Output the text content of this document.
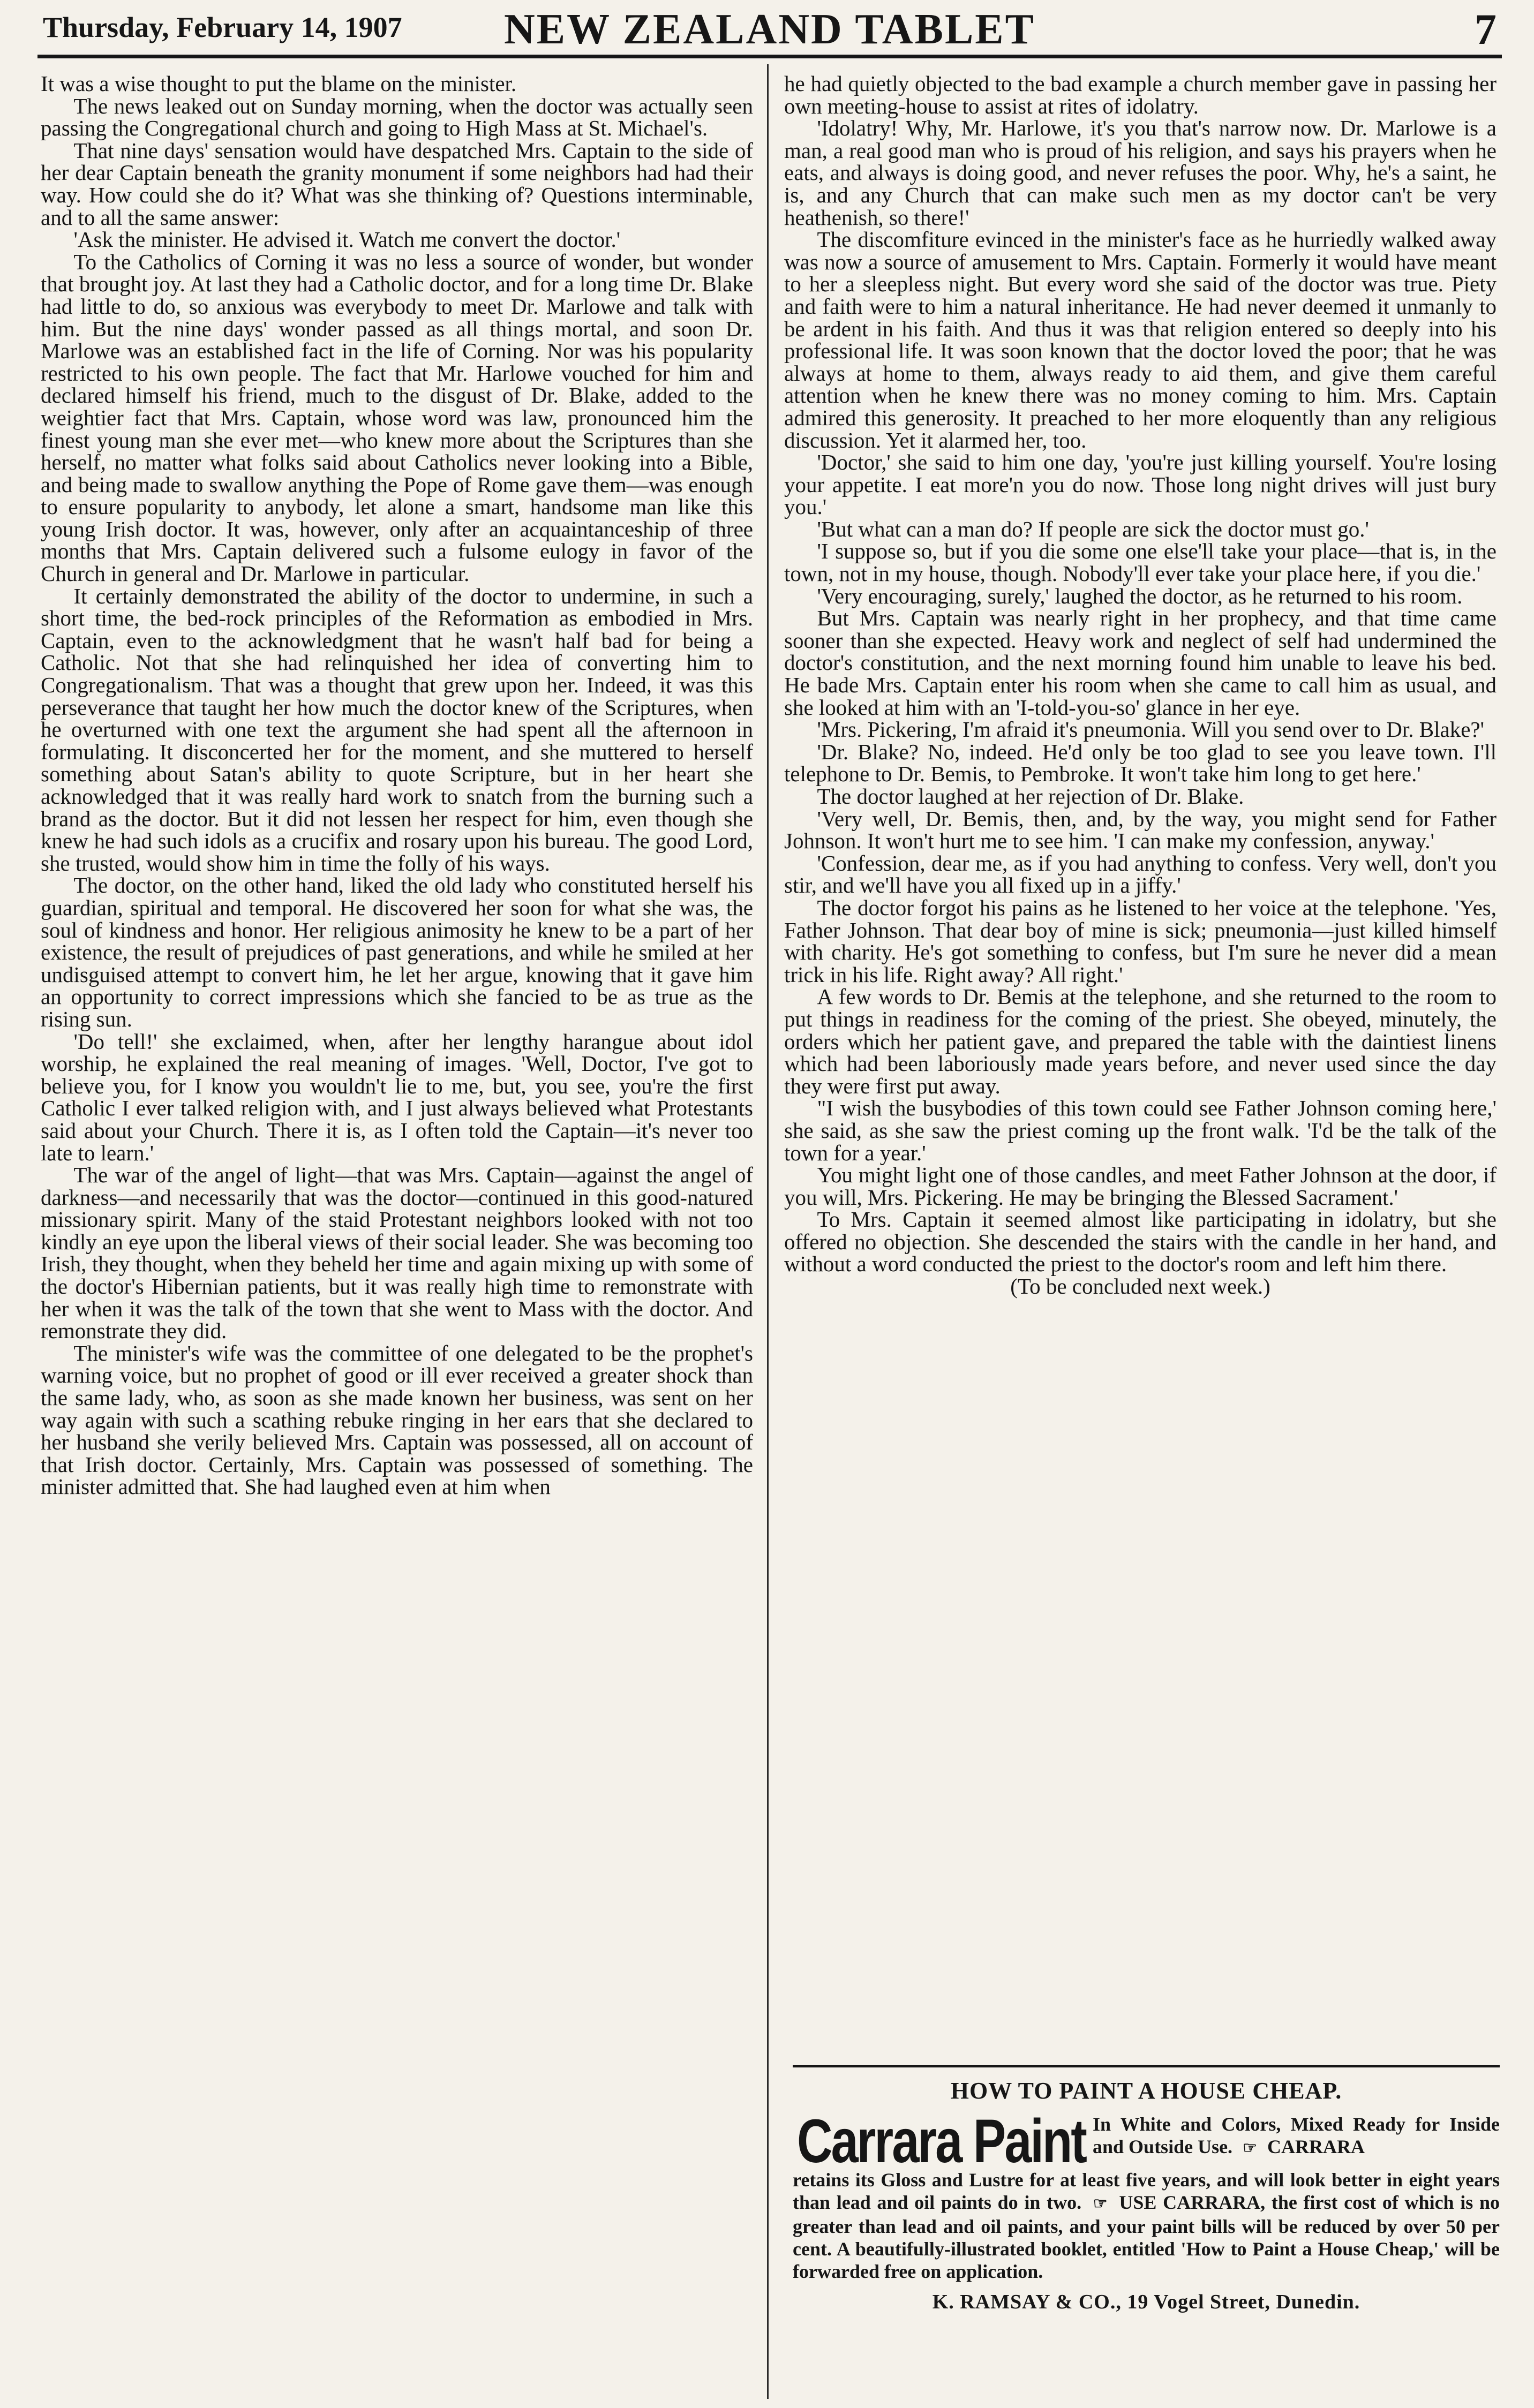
Thursday, February 14, 1907	NEW ZEALAND TABLET	7

It was a wise thought to put the blame on the minister.

The news leaked out on Sunday morning, when the doctor was actually seen passing the Congregational church and going to High Mass at St. Michael's.

That nine days' sensation would have despatched Mrs. Captain to the side of her dear Captain beneath the granity monument if some neighbors had had their way. How could she do it? What was she thinking of? Questions interminable, and to all the same answer:

'Ask the minister. He advised it. Watch me convert the doctor.'

To the Catholics of Corning it was no less a source of wonder, but wonder that brought joy. At last they had a Catholic doctor, and for a long time Dr. Blake had little to do, so anxious was everybody to meet Dr. Marlowe and talk with him. But the nine days' wonder passed as all things mortal, and soon Dr. Marlowe was an established fact in the life of Corning. Nor was his popularity restricted to his own people. The fact that Mr. Harlowe vouched for him and declared himself his friend, much to the disgust of Dr. Blake, added to the weightier fact that Mrs. Captain, whose word was law, pronounced him the finest young man she ever met—who knew more about the Scriptures than she herself, no matter what folks said about Catholics never looking into a Bible, and being made to swallow anything the Pope of Rome gave them—was enough to ensure popularity to anybody, let alone a smart, handsome man like this young Irish doctor. It was, however, only after an acquaintanceship of three months that Mrs. Captain delivered such a fulsome eulogy in favor of the Church in general and Dr. Marlowe in particular.

It certainly demonstrated the ability of the doctor to undermine, in such a short time, the bed-rock principles of the Reformation as embodied in Mrs. Captain, even to the acknowledgment that he wasn't half bad for being a Catholic. Not that she had relinquished her idea of converting him to Congregationalism. That was a thought that grew upon her. Indeed, it was this perseverance that taught her how much the doctor knew of the Scriptures, when he overturned with one text the argument she had spent all the afternoon in formulating. It disconcerted her for the moment, and she muttered to herself something about Satan's ability to quote Scripture, but in her heart she acknowledged that it was really hard work to snatch from the burning such a brand as the doctor. But it did not lessen her respect for him, even though she knew he had such idols as a crucifix and rosary upon his bureau. The good Lord, she trusted, would show him in time the folly of his ways.

The doctor, on the other hand, liked the old lady who constituted herself his guardian, spiritual and temporal. He discovered her soon for what she was, the soul of kindness and honor. Her religious animosity he knew to be a part of her existence, the result of prejudices of past generations, and while he smiled at her undisguised attempt to convert him, he let her argue, knowing that it gave him an opportunity to correct impressions which she fancied to be as true as the rising sun.

'Do tell!' she exclaimed, when, after her lengthy harangue about idol worship, he explained the real meaning of images. 'Well, Doctor, I've got to believe you, for I know you wouldn't lie to me, but, you see, you're the first Catholic I ever talked religion with, and I just always believed what Protestants said about your Church. There it is, as I often told the Captain—it's never too late to learn.'

The war of the angel of light—that was Mrs. Captain—against the angel of darkness—and necessarily that was the doctor—continued in this good-natured missionary spirit. Many of the staid Protestant neighbors looked with not too kindly an eye upon the liberal views of their social leader. She was becoming too Irish, they thought, when they beheld her time and again mixing up with some of the doctor's Hibernian patients, but it was really high time to remonstrate with her when it was the talk of the town that she went to Mass with the doctor. And remonstrate they did.

The minister's wife was the committee of one delegated to be the prophet's warning voice, but no prophet of good or ill ever received a greater shock than the same lady, who, as soon as she made known her business, was sent on her way again with such a scathing rebuke ringing in her ears that she declared to her husband she verily believed Mrs. Captain was possessed, all on account of that Irish doctor. Certainly, Mrs. Captain was possessed of something. The minister admitted that. She had laughed even at him when

he had quietly objected to the bad example a church member gave in passing her own meeting-house to assist at rites of idolatry.

'Idolatry! Why, Mr. Harlowe, it's you that's narrow now. Dr. Marlowe is a man, a real good man who is proud of his religion, and says his prayers when he eats, and always is doing good, and never refuses the poor. Why, he's a saint, he is, and any Church that can make such men as my doctor can't be very heathenish, so there!'

The discomfiture evinced in the minister's face as he hurriedly walked away was now a source of amusement to Mrs. Captain. Formerly it would have meant to her a sleepless night. But every word she said of the doctor was true. Piety and faith were to him a natural inheritance. He had never deemed it unmanly to be ardent in his faith. And thus it was that religion entered so deeply into his professional life. It was soon known that the doctor loved the poor; that he was always at home to them, always ready to aid them, and give them careful attention when he knew there was no money coming to him. Mrs. Captain admired this generosity. It preached to her more eloquently than any religious discussion. Yet it alarmed her, too.

'Doctor,' she said to him one day, 'you're just killing yourself. You're losing your appetite. I eat more'n you do now. Those long night drives will just bury you.'

'But what can a man do? If people are sick the doctor must go.'

'I suppose so, but if you die some one else'll take your place—that is, in the town, not in my house, though. Nobody'll ever take your place here, if you die.'

'Very encouraging, surely,' laughed the doctor, as he returned to his room.

But Mrs. Captain was nearly right in her prophecy, and that time came sooner than she expected. Heavy work and neglect of self had undermined the doctor's constitution, and the next morning found him unable to leave his bed. He bade Mrs. Captain enter his room when she came to call him as usual, and she looked at him with an 'I-told-you-so' glance in her eye.

'Mrs. Pickering, I'm afraid it's pneumonia. Will you send over to Dr. Blake?'

'Dr. Blake? No, indeed. He'd only be too glad to see you leave town. I'll telephone to Dr. Bemis, to Pembroke. It won't take him long to get here.'

The doctor laughed at her rejection of Dr. Blake.

'Very well, Dr. Bemis, then, and, by the way, you might send for Father Johnson. It won't hurt me to see him. 'I can make my confession, anyway.'

'Confession, dear me, as if you had anything to confess. Very well, don't you stir, and we'll have you all fixed up in a jiffy.'

The doctor forgot his pains as he listened to her voice at the telephone. 'Yes, Father Johnson. That dear boy of mine is sick; pneumonia—just killed himself with charity. He's got something to confess, but I'm sure he never did a mean trick in his life. Right away? All right.'

A few words to Dr. Bemis at the telephone, and she returned to the room to put things in readiness for the coming of the priest. She obeyed, minutely, the orders which her patient gave, and prepared the table with the daintiest linens which had been laboriously made years before, and never used since the day they were first put away.

"I wish the busybodies of this town could see Father Johnson coming here,' she said, as she saw the priest coming up the front walk. 'I'd be the talk of the town for a year.'

You might light one of those candles, and meet Father Johnson at the door, if you will, Mrs. Pickering. He may be bringing the Blessed Sacrament.'

To Mrs. Captain it seemed almost like participating in idolatry, but she offered no objection. She descended the stairs with the candle in her hand, and without a word conducted the priest to the doctor's room and left him there.

(To be concluded next week.)

HOW TO PAINT A HOUSE CHEAP.
Carrara Paint In White and Colors, Mixed Ready for Inside and Outside Use. ☞ CARRARA
retains its Gloss and Lustre for at least five years, and will look better in eight years than lead and oil paints do in two. ☞ USE CARRARA, the first cost of which is no greater than lead and oil paints, and your paint bills will be reduced by over 50 per cent. A beautifully-illustrated booklet, entitled 'How to Paint a House Cheap,' will be forwarded free on application.
K. RAMSAY & CO., 19 Vogel Street, Dunedin.
